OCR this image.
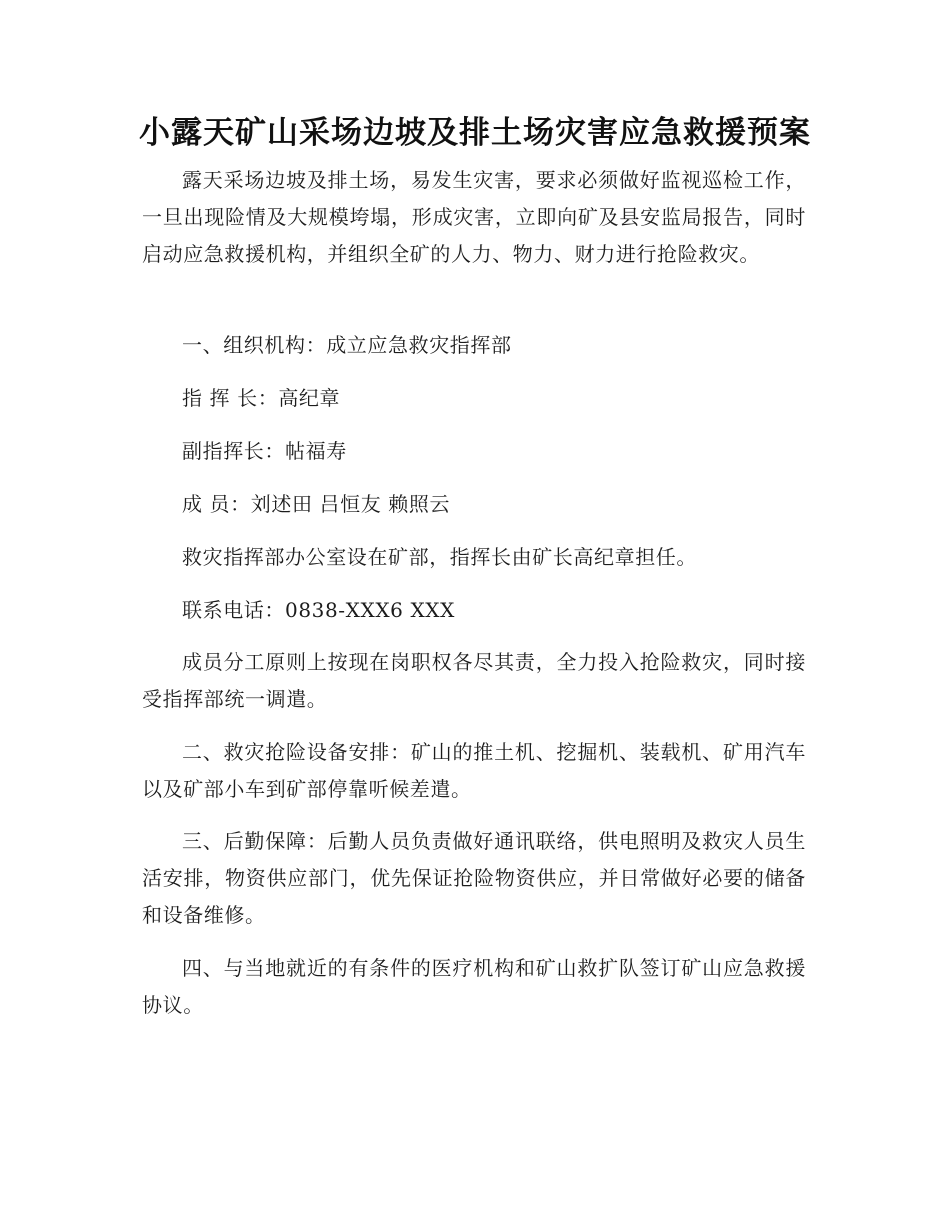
小露天矿山采场边坡及排土场灾害应急救援预案

露天采场边坡及排土场，易发生灾害，要求必须做好监视巡检工作，一旦出现险情及大规模垮塌，形成灾害，立即向矿及县安监局报告，同时启动应急救援机构，并组织全矿的人力、物力、财力进行抢险救灾。

一、组织机构：成立应急救灾指挥部

指 挥 长：高纪章

副指挥长：帖福寿

成 员：刘述田 吕恒友 赖照云

救灾指挥部办公室设在矿部，指挥长由矿长高纪章担任。

联系电话：0838-XXX6 XXX

成员分工原则上按现在岗职权各尽其责，全力投入抢险救灾，同时接受指挥部统一调遣。

二、救灾抢险设备安排：矿山的推土机、挖掘机、装载机、矿用汽车以及矿部小车到矿部停靠听候差遣。

三、后勤保障：后勤人员负责做好通讯联络，供电照明及救灾人员生活安排，物资供应部门，优先保证抢险物资供应，并日常做好必要的储备和设备维修。

四、与当地就近的有条件的医疗机构和矿山救扩队签订矿山应急救援协议。
